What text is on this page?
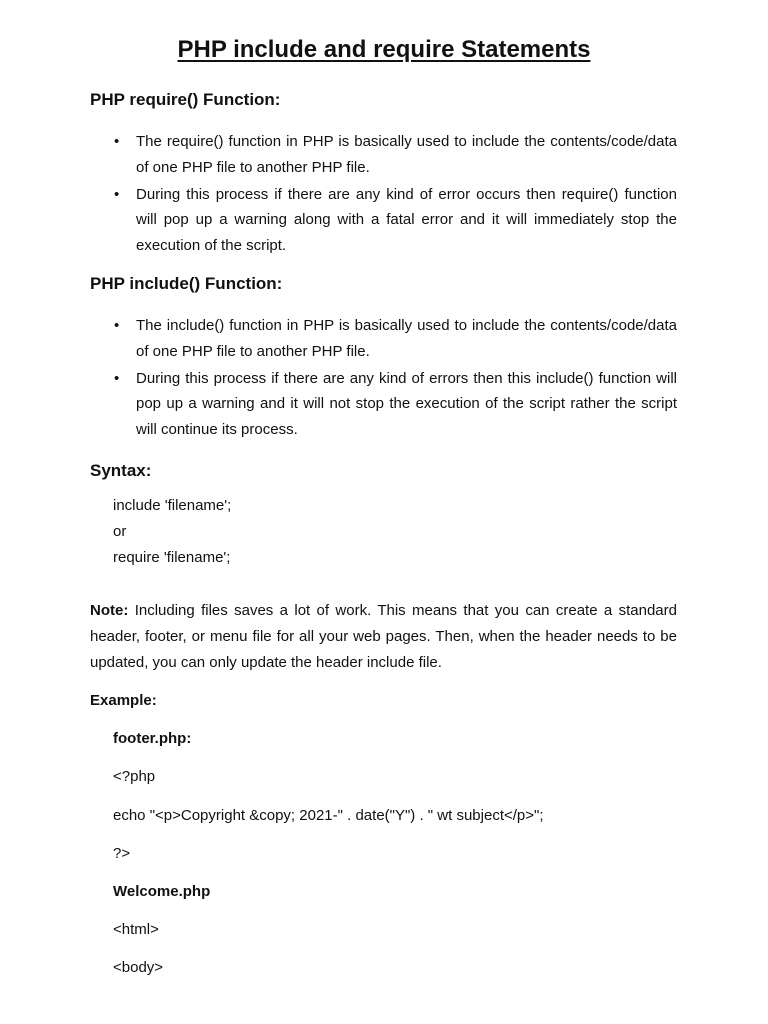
PHP include and require Statements
PHP require() Function:
• The require() function in PHP is basically used to include the contents/code/data of one PHP file to another PHP file.
• During this process if there are any kind of error occurs then require() function will pop up a warning along with a fatal error and it will immediately stop the execution of the script.
PHP include() Function:
• The include() function in PHP is basically used to include the contents/code/data of one PHP file to another PHP file.
• During this process if there are any kind of errors then this include() function will pop up a warning and it will not stop the execution of the script rather the script will continue its process.
Syntax:
include 'filename';
or
require 'filename';

Note: Including files saves a lot of work. This means that you can create a standard header, footer, or menu file for all your web pages. Then, when the header needs to be updated, you can only update the header include file.

Example:
footer.php:
<?php
echo "<p>Copyright &copy; 2021-" . date("Y") . " wt subject</p>";
?>
Welcome.php
<html>
<body>
